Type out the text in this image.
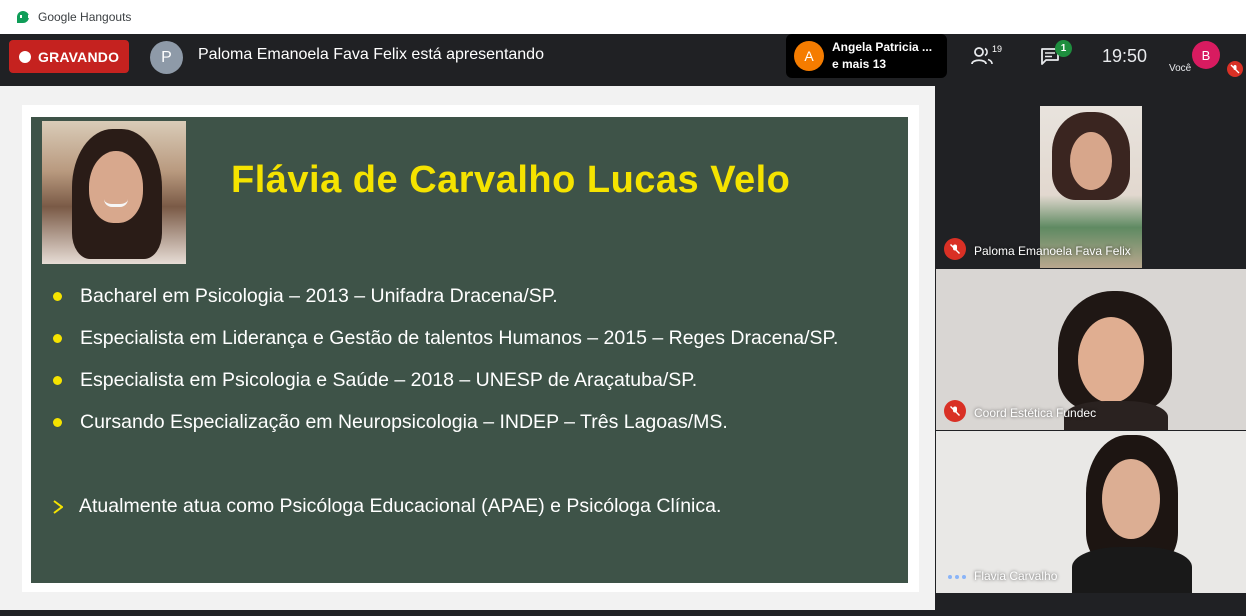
Google Hangouts
GRAVANDO	P	Paloma Emanoela Fava Felix está apresentando	A
Angela Patricia ...
e mais 13
19	1	19:50	B
Você
Flávia de Carvalho Lucas Velo
Bacharel em Psicologia – 2013 – Unifadra Dracena/SP.
Especialista em Liderança e Gestão de talentos Humanos – 2015 – Reges Dracena/SP.
Especialista em Psicologia e Saúde – 2018 – UNESP de Araçatuba/SP.
Cursando Especialização em Neuropsicologia – INDEP – Três Lagoas/MS.
Atualmente atua como Psicóloga Educacional (APAE) e Psicóloga Clínica.
Paloma Emanoela Fava Felix
Coord Estética Fundec
Flavia Carvalho
